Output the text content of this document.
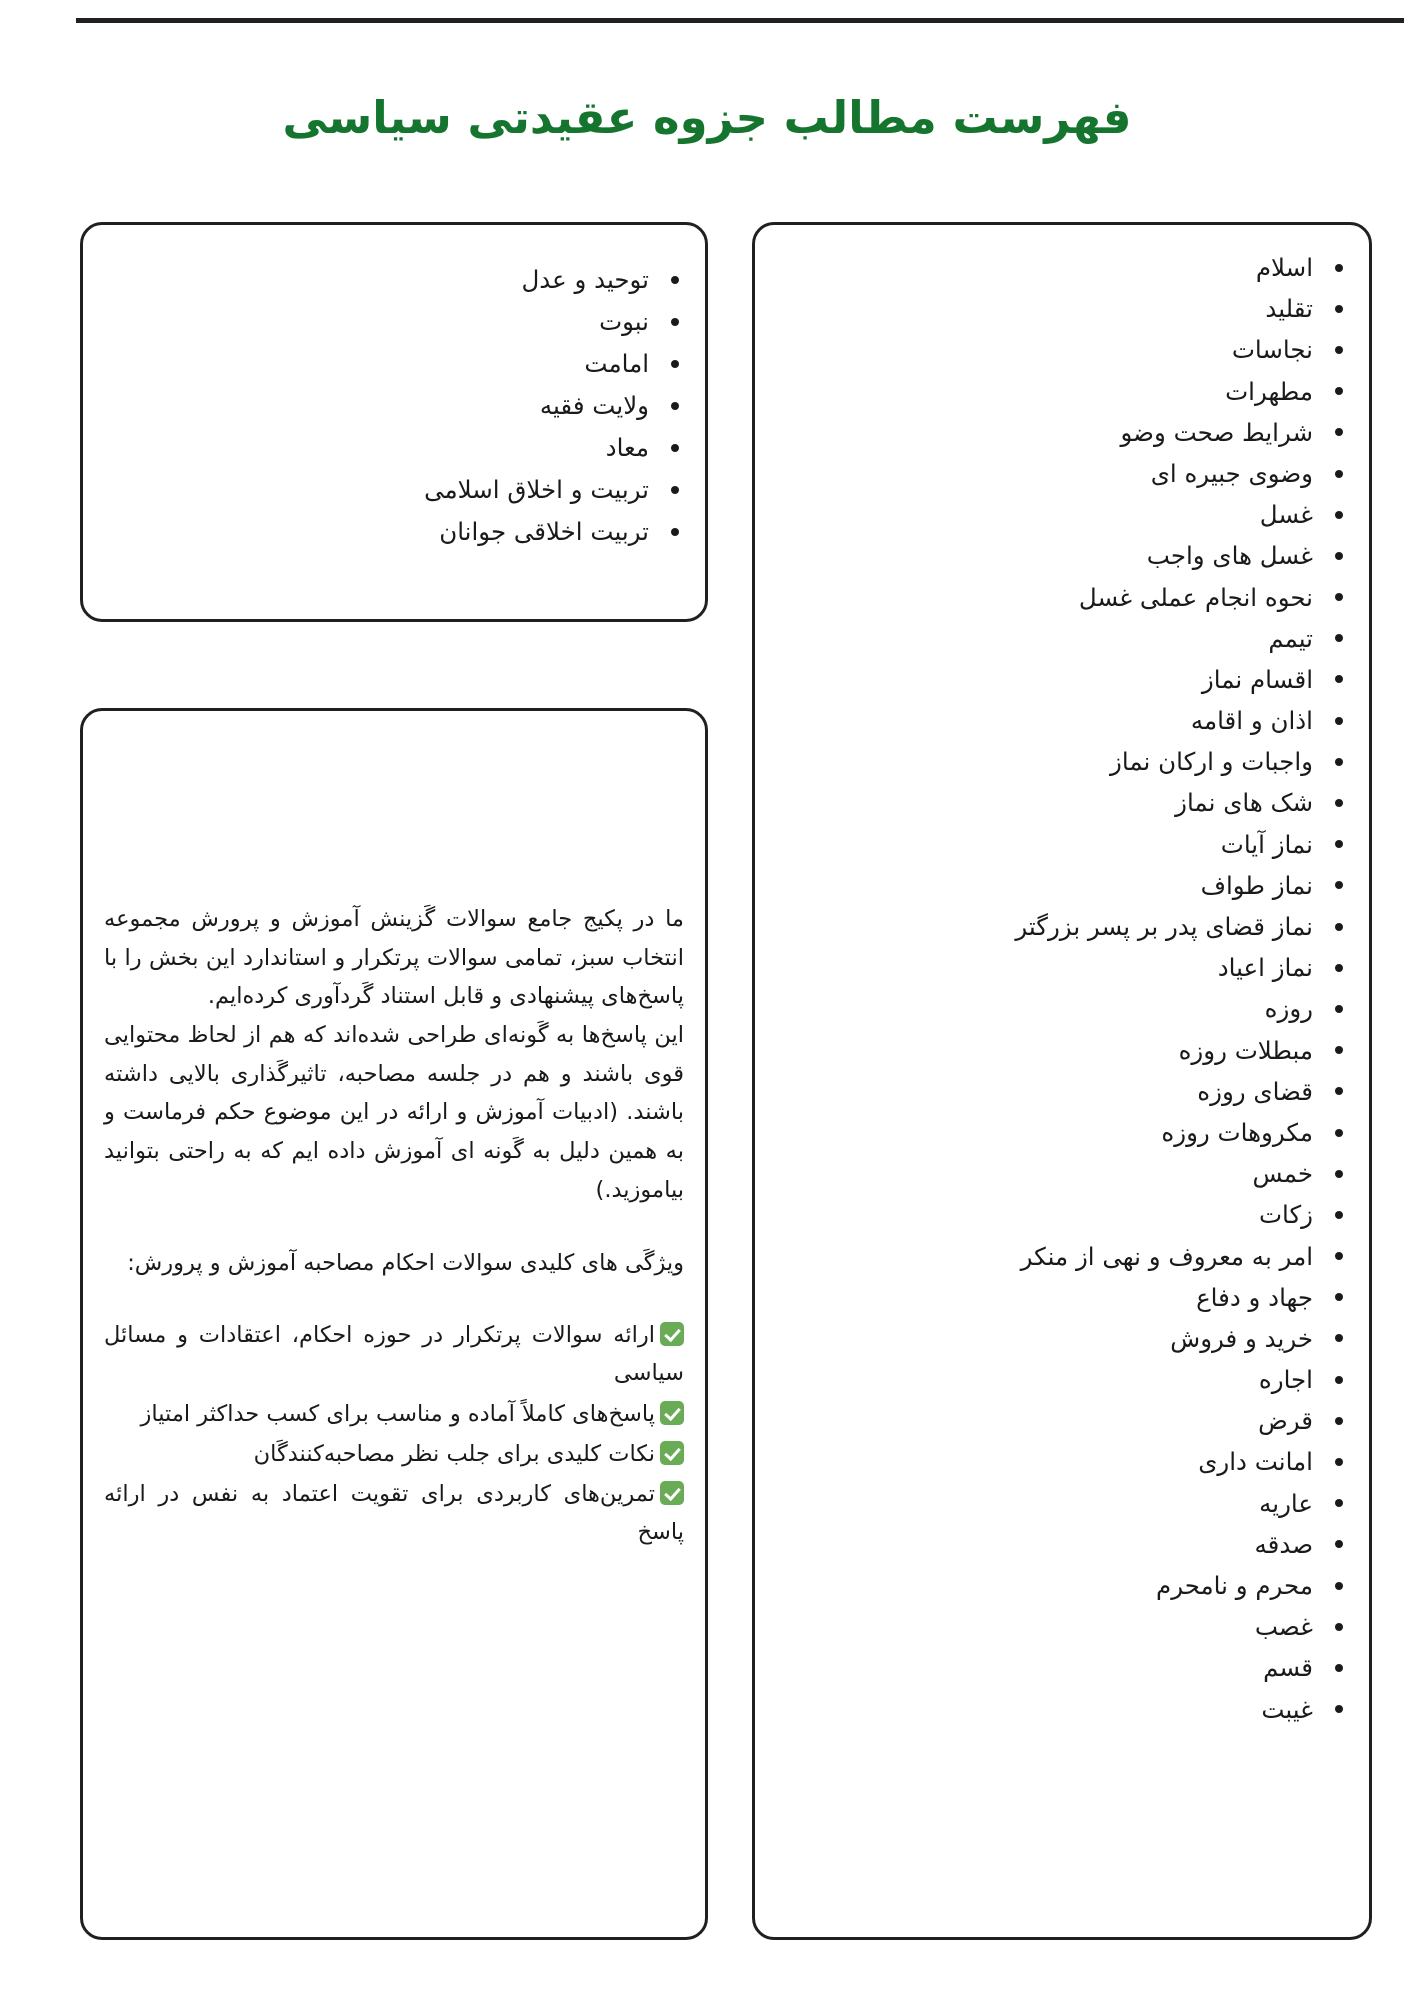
فهرست مطالب جزوه عقیدتی سیاسی
اسلام
تقلید
نجاسات
مطهرات
شرایط صحت وضو
وضوی جبیره ای
غسل
غسل های واجب
نحوه انجام عملی غسل
تیمم
اقسام نماز
اذان و اقامه
واجبات و ارکان نماز
شک های نماز
نماز آیات
نماز طواف
نماز قضای پدر بر پسر بزرگتر
نماز اعیاد
روزه
مبطلات روزه
قضای روزه
مکروهات روزه
خمس
زکات
امر به معروف و نهی از منکر
جهاد و دفاع
خرید و فروش
اجاره
قرض
امانت داری
عاریه
صدقه
محرم و نامحرم
غصب
قسم
غیبت
توحید و عدل
نبوت
امامت
ولایت فقیه
معاد
تربیت و اخلاق اسلامی
تربیت اخلاقی جوانان

ما در پکیج جامع سوالات گَزینش آموزش و پرورش مجموعه انتخاب سبز، تمامی سوالات پرتکرار و استاندارد این بخش را با پاسخ‌های پیشنهادی و قابل استناد گَردآوری کرده‌ایم.

این پاسخ‌ها به گَونه‌ای طراحی شده‌اند که هم از لحاظ محتوایی قوی باشند و هم در جلسه مصاحبه، تاثیرگَذاری بالایی داشته باشند. (ادبیات آموزش و ارائه در این موضوع حکم فرماست و به همین دلیل به گَونه ای آموزش داده ایم که به راحتی بتوانید بیاموزید.)

ویژگَی های کلیدی سوالات احکام مصاحبه آموزش و پرورش:

ارائه سوالات پرتکرار در حوزه احکام، اعتقادات و مسائل سیاسی
پاسخ‌های کاملاً آماده و مناسب برای کسب حداکثر امتیاز
نکات کلیدی برای جلب نظر مصاحبه‌کنندگَان
تمرین‌های کاربردی برای تقویت اعتماد به نفس در ارائه پاسخ
